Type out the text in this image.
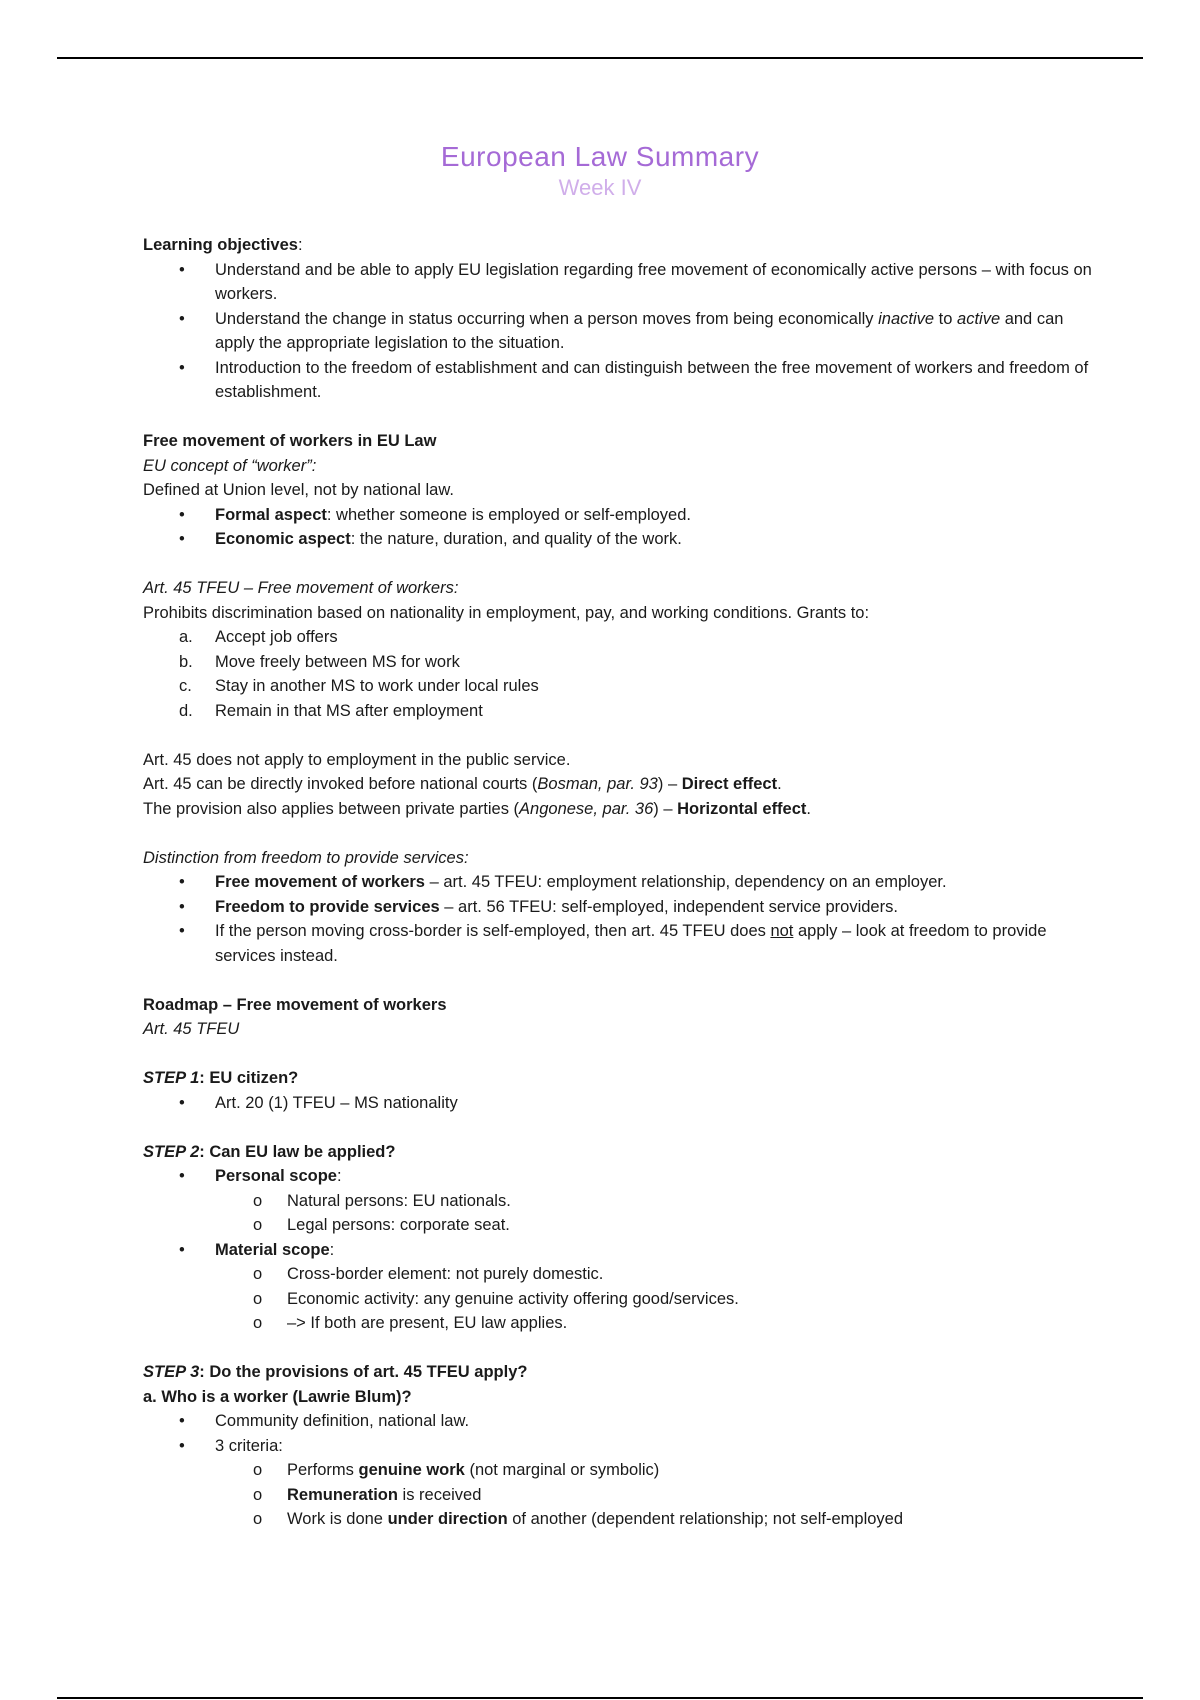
European Law Summary
Week IV

Learning objectives:

• Understand and be able to apply EU legislation regarding free movement of economically active persons – with focus on workers.
• Understand the change in status occurring when a person moves from being economically inactive to active and can apply the appropriate legislation to the situation.
• Introduction to the freedom of establishment and can distinguish between the free movement of workers and freedom of establishment.

Free movement of workers in EU Law

EU concept of “worker”:

Defined at Union level, not by national law.

• Formal aspect: whether someone is employed or self-employed.
• Economic aspect: the nature, duration, and quality of the work.

Art. 45 TFEU – Free movement of workers:

Prohibits discrimination based on nationality in employment, pay, and working conditions. Grants to:

a. Accept job offers
b. Move freely between MS for work
c. Stay in another MS to work under local rules
d. Remain in that MS after employment

Art. 45 does not apply to employment in the public service.

Art. 45 can be directly invoked before national courts (Bosman, par. 93) – Direct effect.

The provision also applies between private parties (Angonese, par. 36) – Horizontal effect.

Distinction from freedom to provide services:

• Free movement of workers – art. 45 TFEU: employment relationship, dependency on an employer.
• Freedom to provide services – art. 56 TFEU: self-employed, independent service providers.
• If the person moving cross-border is self-employed, then art. 45 TFEU does not apply – look at freedom to provide services instead.

Roadmap – Free movement of workers

Art. 45 TFEU

STEP 1: EU citizen?

• Art. 20 (1) TFEU – MS nationality

STEP 2: Can EU law be applied?

• Personal scope:
o Natural persons: EU nationals.
o Legal persons: corporate seat.
• Material scope:
o Cross-border element: not purely domestic.
o Economic activity: any genuine activity offering good/services.
o –> If both are present, EU law applies.

STEP 3: Do the provisions of art. 45 TFEU apply?

a. Who is a worker (Lawrie Blum)?

• Community definition, national law.
• 3 criteria:
o Performs genuine work (not marginal or symbolic)
o Remuneration is received
o Work is done under direction of another (dependent relationship; not self-employed
